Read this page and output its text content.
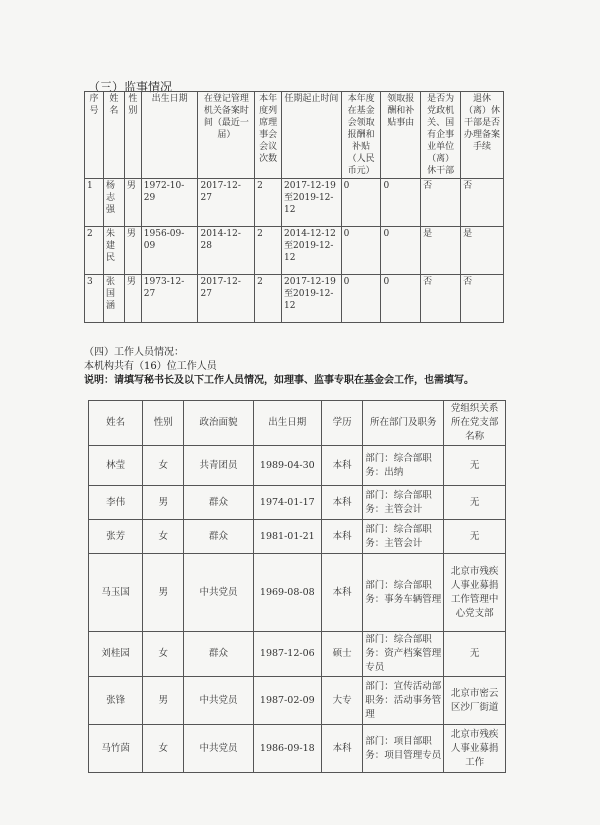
（三）监事情况
序号	姓名	性别	出生日期	在登记管理机关备案时间（最近一届）	本年度列席理事会会议次数	任期起止时间	本年度在基金会领取报酬和补贴（人民币元）	领取报酬和补贴事由	是否为党政机关、国有企事业单位（离）休干部	退休（离）休干部是否办理备案手续
1	杨志强	男	1972-10-29	2017-12-27	2	2017-12-19至2019-12-12	0	0	否	否
2	朱建民	男	1956-09-09	2014-12-28	2	2014-12-12至2019-12-12	0	0	是	是
3	张国涵	男	1973-12-27	2017-12-27	2	2017-12-19至2019-12-12	0	0	否	否
（四）工作人员情况：
本机构共有（16）位工作人员
说明：请填写秘书长及以下工作人员情况，如理事、监事专职在基金会工作，也需填写。
姓名	性别	政治面貌	出生日期	学历	所在部门及职务	党组织关系所在党支部名称
林莹	女	共青团员	1989-04-30	本科	部门：综合部职务：出纳	无
李伟	男	群众	1974-01-17	本科	部门：综合部职务：主管会计	无
张芳	女	群众	1981-01-21	本科	部门：综合部职务：主管会计	无
马玉国	男	中共党员	1969-08-08	本科	部门：综合部职务：事务车辆管理	北京市残疾人事业募捐工作管理中心党支部
刘桂园	女	群众	1987-12-06	硕士	部门：综合部职务：资产档案管理专员	无
张锋	男	中共党员	1987-02-09	大专	部门：宣传活动部职务：活动事务管理	北京市密云区沙厂街道
马竹茵	女	中共党员	1986-09-18	本科	部门：项目部职务：项目管理专员	北京市残疾人事业募捐工作
